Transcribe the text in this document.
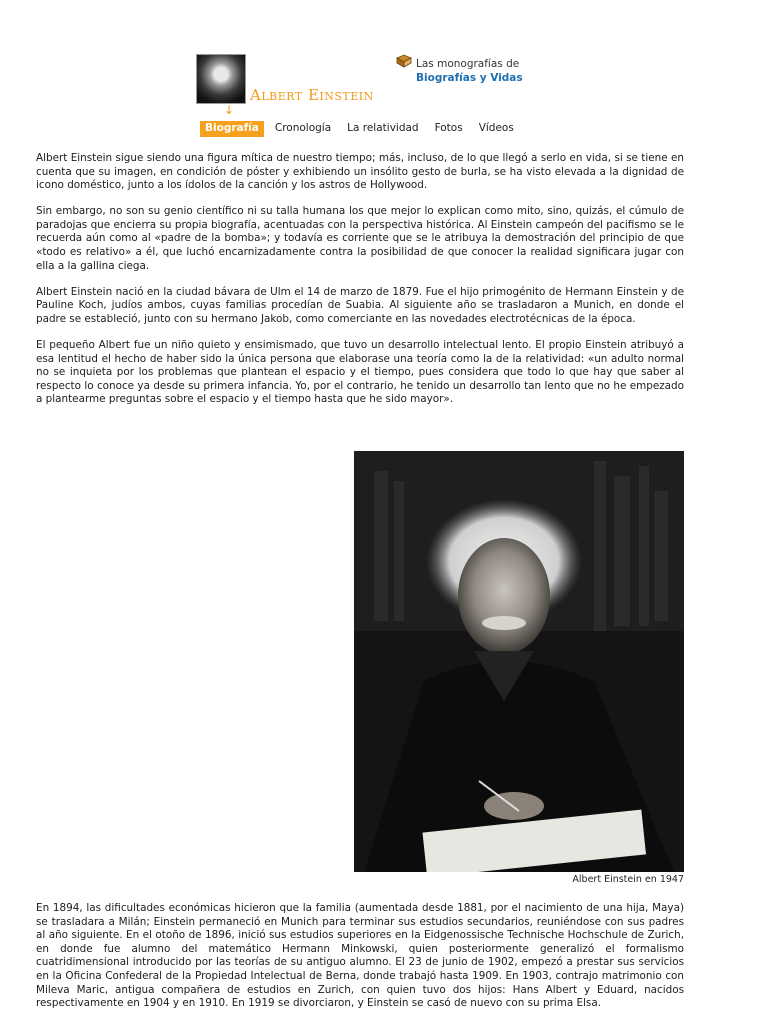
↓
Albert Einstein
Las monografías de
Biografías y Vidas
Biografía	Cronología	La relatividad	Fotos	Vídeos

Albert Einstein sigue siendo una figura mítica de nuestro tiempo; más, incluso, de lo que llegó a serlo en vida, si se tiene en cuenta que su imagen, en condición de póster y exhibiendo un insólito gesto de burla, se ha visto elevada a la dignidad de icono doméstico, junto a los ídolos de la canción y los astros de Hollywood.

Sin embargo, no son su genio científico ni su talla humana los que mejor lo explican como mito, sino, quizás, el cúmulo de paradojas que encierra su propia biografía, acentuadas con la perspectiva histórica. Al Einstein campeón del pacifismo se le recuerda aún como al «padre de la bomba»; y todavía es corriente que se le atribuya la demostración del principio de que «todo es relativo» a él, que luchó encarnizadamente contra la posibilidad de que conocer la realidad significara jugar con ella a la gallina ciega.

Albert Einstein nació en la ciudad bávara de Ulm el 14 de marzo de 1879. Fue el hijo primogénito de Hermann Einstein y de Pauline Koch, judíos ambos, cuyas familias procedían de Suabia. Al siguiente año se trasladaron a Munich, en donde el padre se estableció, junto con su hermano Jakob, como comerciante en las novedades electrotécnicas de la época.

El pequeño Albert fue un niño quieto y ensimismado, que tuvo un desarrollo intelectual lento. El propio Einstein atribuyó a esa lentitud el hecho de haber sido la única persona que elaborase una teoría como la de la relatividad: «un adulto normal no se inquieta por los problemas que plantean el espacio y el tiempo, pues considera que todo lo que hay que saber al respecto lo conoce ya desde su primera infancia. Yo, por el contrario, he tenido un desarrollo tan lento que no he empezado a plantearme preguntas sobre el espacio y el tiempo hasta que he sido mayor».

Albert Einstein en 1947

En 1894, las dificultades económicas hicieron que la familia (aumentada desde 1881, por el nacimiento de una hija, Maya) se trasladara a Milán; Einstein permaneció en Munich para terminar sus estudios secundarios, reuniéndose con sus padres al año siguiente. En el otoño de 1896, inició sus estudios superiores en la Eidgenossische Technische Hochschule de Zurich, en donde fue alumno del matemático Hermann Minkowski, quien posteriormente generalizó el formalismo cuatridimensional introducido por las teorías de su antiguo alumno. El 23 de junio de 1902, empezó a prestar sus servicios en la Oficina Confederal de la Propiedad Intelectual de Berna, donde trabajó hasta 1909. En 1903, contrajo matrimonio con Mileva Maric, antigua compañera de estudios en Zurich, con quien tuvo dos hijos: Hans Albert y Eduard, nacidos respectivamente en 1904 y en 1910. En 1919 se divorciaron, y Einstein se casó de nuevo con su prima Elsa.
